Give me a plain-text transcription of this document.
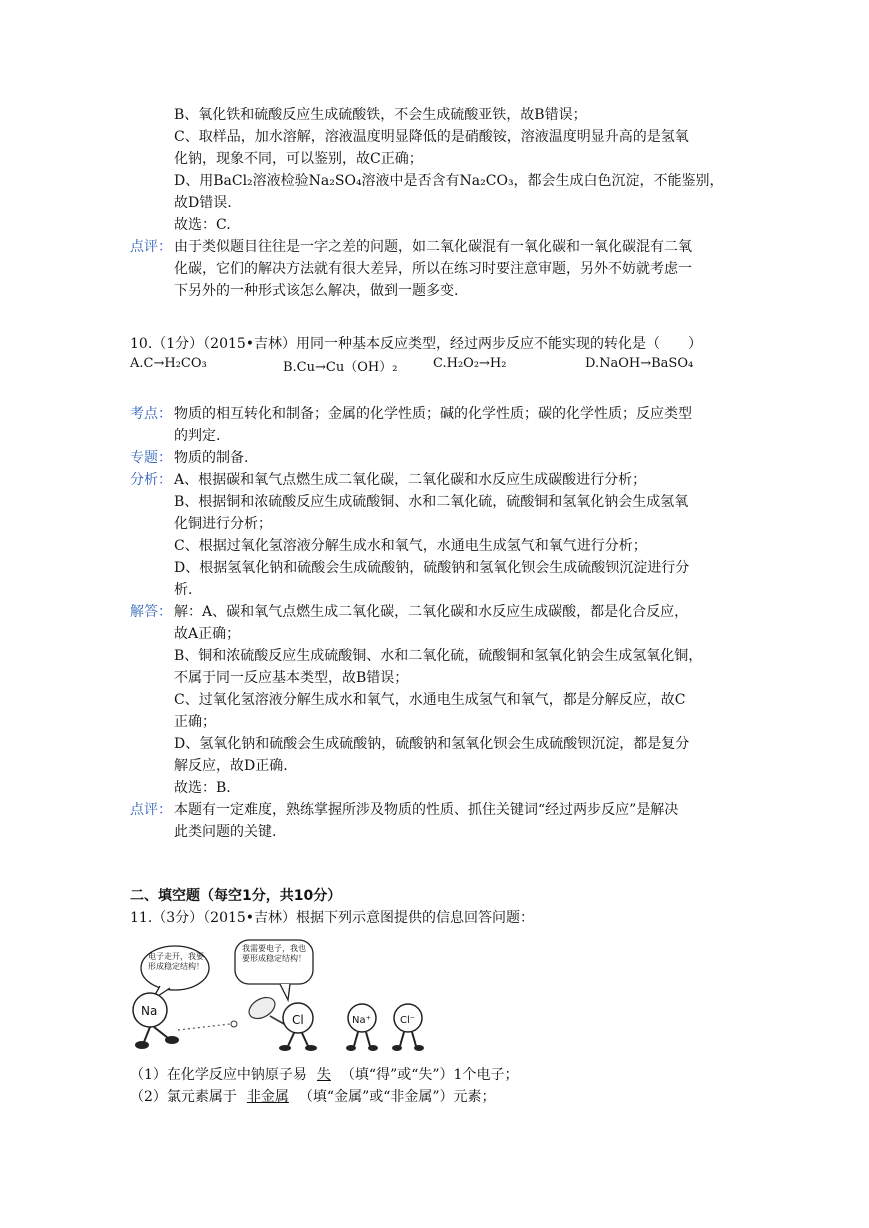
B、氧化铁和硫酸反应生成硫酸铁，不会生成硫酸亚铁，故B错误；
C、取样品，加水溶解，溶液温度明显降低的是硝酸铵，溶液温度明显升高的是氢氧
化钠，现象不同，可以鉴别，故C正确；
D、用BaCl₂溶液检验Na₂SO₄溶液中是否含有Na₂CO₃，都会生成白色沉淀，不能鉴别，
故D错误.
故选：C.
点评： 由于类似题目往往是一字之差的问题，如二氧化碳混有一氧化碳和一氧化碳混有二氧
化碳，它们的解决方法就有很大差异，所以在练习时要注意审题，另外不妨就考虑一
下另外的一种形式该怎么解决，做到一题多变.
10.（1分）（2015•吉林）用同一种基本反应类型，经过两步反应不能实现的转化是（　　）
A.C→H₂CO₃	B.Cu→Cu（OH）₂	C.H₂O₂→H₂	D.NaOH→BaSO₄
考点： 物质的相互转化和制备；金属的化学性质；碱的化学性质；碳的化学性质；反应类型
的判定.
专题： 物质的制备.
分析： A、根据碳和氧气点燃生成二氧化碳，二氧化碳和水反应生成碳酸进行分析；
B、根据铜和浓硫酸反应生成硫酸铜、水和二氧化硫，硫酸铜和氢氧化钠会生成氢氧
化铜进行分析；
C、根据过氧化氢溶液分解生成水和氧气，水通电生成氢气和氧气进行分析；
D、根据氢氧化钠和硫酸会生成硫酸钠，硫酸钠和氢氧化钡会生成硫酸钡沉淀进行分
析.
解答： 解：A、碳和氧气点燃生成二氧化碳，二氧化碳和水反应生成碳酸，都是化合反应，
故A正确；
B、铜和浓硫酸反应生成硫酸铜、水和二氧化硫，硫酸铜和氢氧化钠会生成氢氧化铜，
不属于同一反应基本类型，故B错误；
C、过氧化氢溶液分解生成水和氧气，水通电生成氢气和氧气，都是分解反应，故C
正确；
D、氢氧化钠和硫酸会生成硫酸钠，硫酸钠和氢氧化钡会生成硫酸钡沉淀，都是复分
解反应，故D正确.
故选：B.
点评： 本题有一定难度，熟练掌握所涉及物质的性质、抓住关键词“经过两步反应”是解决
此类问题的关键.
二、填空题（每空1分，共10分）
11.（3分）（2015•吉林）根据下列示意图提供的信息回答问题：
电子走开，我要形成稳定结构！
我需要电子，我也要形成稳定结构！
Na
Cl	Na⁺	Cl⁻
（1）在化学反应中钠原子易 失 （填“得”或“失”）1个电子；
（2）氯元素属于 非金属 （填“金属”或“非金属”）元素；
